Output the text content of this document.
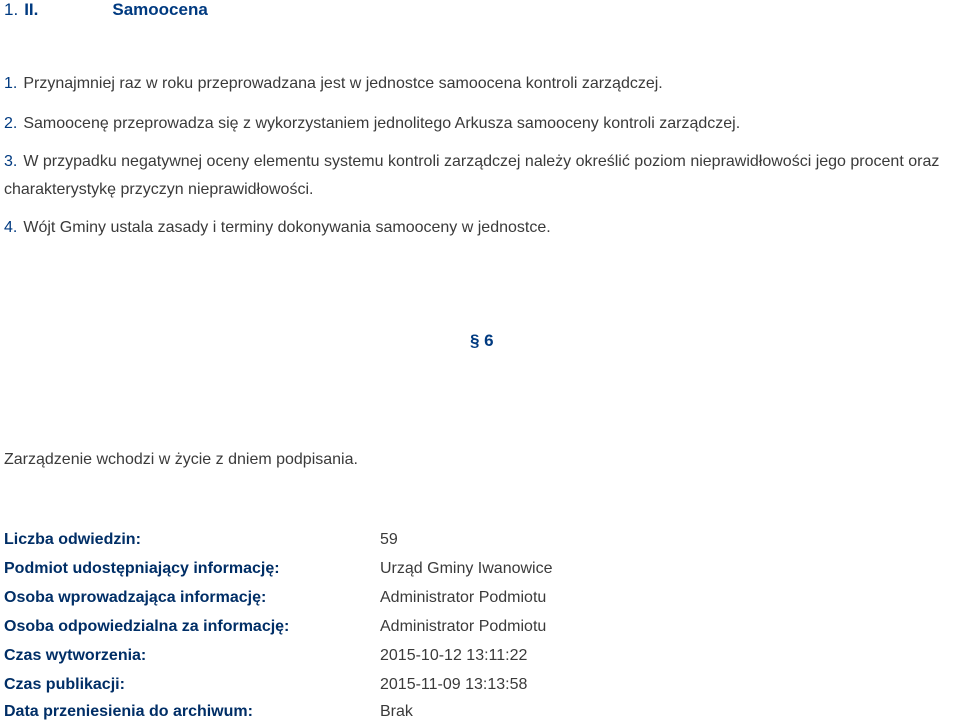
1. II.	Samoocena
1. Przynajmniej raz w roku przeprowadzana jest w jednostce samoocena kontroli zarządczej.
2. Samoocenę przeprowadza się z wykorzystaniem jednolitego Arkusza samooceny kontroli zarządczej.
3. W przypadku negatywnej oceny elementu systemu kontroli zarządczej należy określić poziom nieprawidłowości jego procent oraz charakterystykę przyczyn nieprawidłowości.
4. Wójt Gminy ustala zasady i terminy dokonywania samooceny w jednostce.
§ 6
Zarządzenie wchodzi w życie z dniem podpisania.
Liczba odwiedzin:	59
Podmiot udostępniający informację:	Urząd Gminy Iwanowice
Osoba wprowadzająca informację:	Administrator Podmiotu
Osoba odpowiedzialna za informację:	Administrator Podmiotu
Czas wytworzenia:	2015-10-12 13:11:22
Czas publikacji:	2015-11-09 13:13:58
Data przeniesienia do archiwum:	Brak
